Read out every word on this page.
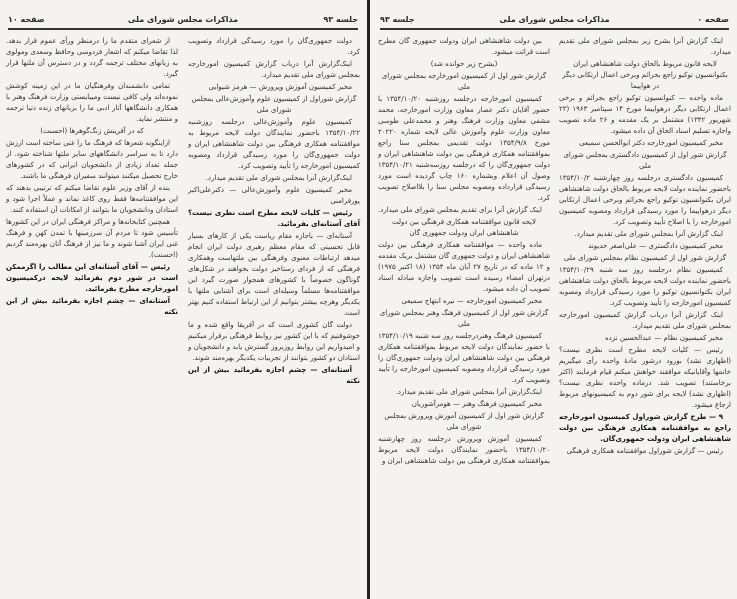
جلسه ۹۳
مذاکرات مجلس شورای ملی
صفحه ۱۰

دولت جمهوری‌گان را مورد رسیدگی قرارداد وتصویب کرد.

اینک‌گزارش آنرا درباب گزارش کمیسیون امورخارجه بمجلس شورای ملی تقدیم میدارد.

مخبر کمیسیون آموزش وپرورش — هرمز شیوایی

گزارش شوراول از کمیسیون علوم وآموزش‌عالی بمجلس شورای ملی

کمیسیون علوم وآموزش‌عالی درجلسه روزشنبه ۱۳۵۴/۱۰/۲۲ باحضور نمایندگان دولت لایحه مربوط به موافقتنامه همکاری فرهنگی بین دولت شاهنشاهی ایران و دولت جمهوری‌گان را مورد رسیدگی قرارداد ومصوبه کمیسیون امورخارجه را تأیید وتصویب کرد.

اینک‌گزارش آنرا بمجلس شورای ملی تقدیم میدارد.

مخبر کمیسیون علوم وآموزش‌عالی — دکترعلی‌اکبر پورفرامنی

رئیس — کلیات لایحه مطرح است نظری نیست؟ آقای آستانه‌ای بفرمائید.

آستانه‌ای — باجازه مقام ریاست یکی از کارهای بسیار قابل تحسینی که مقام معظم رهبری دولت ایران انجام میدهد ارتباطات معنوی وفرهنگی بین ملتهاست وهمکاری فرهنگی که از فردای رستاخیز دولت بخواهند در شکل‌های گوناگون خصوصاً با کشورهای همجوار صورت گیرد این موافقتنامه‌ها مسلماً وسیله‌ای است برای آشنایی ملتها با یکدیگر وهرچه بیشتر بتوانیم از این ارتباط استفاده کنیم بهتر است.

دولت گان کشوری است که در آفریقا واقع شده و ما خوشوقتیم که با این کشور نیز روابط فرهنگی برقرار میکنیم و امیدواریم این روابط روزبروز گسترش یابد و دانشجویان و استادان دو کشور بتوانند از تجربیات یکدیگر بهره‌مند شوند.

آستانه‌ای — چشم اجازه بفرمائید بیش از این نکته

از شعرای متقدم ما را درمنظر ورأی عموم قرار بدهد. لذا تقاضا میکنم که اشعار فردوسی وحافظ وسعدی ومولوی به زبانهای مختلف ترجمه گردد و در دسترس آن ملتها قرار گیرد.

تمامی دانشمندان وفرهنگیان ما در این زمینه کوشش نموده‌اند ولی کافی نیست ومیبایستی وزارت فرهنگ وهنر با همکاری دانشگاهها آثار ادبی ما را بزبانهای زنده دنیا ترجمه و منتشر نماید.

که در آفرینش زنگ‌گوهرها (احسنت)

ازاینگونه شعرها که فرهنگ ما را غنی ساخته است ارزش دارد تا به سراسر دانشگاههای سایر ملتها شناخته شود. از جمله تعداد زیادی از دانشجویان ایرانی که در کشورهای خارج تحصیل میکنند میتوانند سفیران فرهنگی ما باشند.

بنده از آقای وزیر علوم تقاضا میکنم که ترتیبی بدهند که این موافقتنامه‌ها فقط روی کاغذ نماند و عملاً اجرا شود و استادان ودانشجویان ما بتوانند از امکانات آن استفاده کنند.

همچنین کتابخانه‌ها و مراکز فرهنگی ایران در این کشورها تأسیس شود تا مردم آن سرزمینها با تمدن کهن و فرهنگ غنی ایران آشنا شوند و ما نیز از فرهنگ آنان بهره‌مند گردیم (احسنت).

رئیس — آقای آستانه‌ای این مطالب را اگرممکن است در شور دوم بفرمائید لایحه درکمیسیون امورخارجه مطرح بفرمائید.

آستانه‌ای — چشم اجازه بفرمائید بیش از این نکته

صفحه ۰
مذاکرات مجلس شورای ملی
جلسه ۹۳

اینک گزارش آنرا بشرح زیر بمجلس شورای ملی تقدیم میدارد.

لایحه قانون مربوط بالحاق دولت شاهنشاهی ایران بکنوانسیون توکیو راجع بجرائم وبرخی اعمال ارتکابی دیگر در هواپیما

ماده واحده — کنوانسیون توکیو راجع بجرائم و برخی اعمال ارتکابی دیگر درهواپیما مورخ ۱۴ سپتامبر ۱۹۶۳ (۲۳ شهریور ۱۳۴۲) مشتمل بر یک مقدمه و ۲۶ ماده تصویب واجازه تسلیم اسناد الحاق آن داده میشود.

مخبر کمیسیون امورخارجه دکتر ابوالحسن سمیعی

گزارش شور اول از کمیسیون دادگستری بمجلس شورای ملی

کمیسیون دادگستری درجلسه روز چهارشنبه ۱۳۵۴/۱۰/۲ باحضور نماینده دولت لایحه مربوط بالحاق دولت شاهنشاهی ایران بکنوانسیون توکیو راجع بجرائم وبرخی اعمال ارتکابی دیگر درهواپیما را مورد رسیدگی قرارداد ومصوبه کمیسیون امورخارجه را با اصلاح تأیید وتصویب کرد.

اینک گزارش آنرا بمجلس شورای ملی تقدیم میدارد.

مخبر کمیسیون دادگستری — علی‌اصغر خدیوند

گزارش شور اول از کمیسیون نظام بمجلس شورای ملی

کمیسیون نظام درجلسه روز سه شنبه ۱۳۵۴/۱۰/۲۹ باحضور نماینده دولت لایحه مربوط بالحاق دولت شاهنشاهی ایران بکنوانسیون توکیو را مورد رسیدگی قرارداد ومصوبه کمیسیون امورخارجه را تأیید وتصویب کرد.

اینک گزارش آنرا درباب گزارش کمیسیون امورخارجه بمجلس شورای ملی تقدیم میدارد.

مخبر کمیسیون نظام — عبدالحسین نزده

رئیس — کلیات لایحه مطرح است نظری نیست؟ (اظهاری نشد) بورود درشور مادهٔ واحده رأی میگیریم خانمها وآقایانیکه موافقند خواهش میکنم قیام فرمایند (اکثر برخاستند) تصویب شد. درماده واحده نظری نیست؟ (اظهاری نشد) لایحه برای شور دوم به کمیسیونهای مربوط ارجاع میشود.

۹ — طرح گزارش شوراول کمیسیون امورخارجه راجع به موافقتنامه همکاری فرهنگی بین دولت شاهنشاهی ایران ودولت جمهوری‌گان.

رئیس — گزارش شوراول موافقتنامه همکاری فرهنگی

بین دولت شاهنشاهی ایران ودولت جمهوری گان مطرح است قرائت میشود.

(بشرح زیر خوانده شد)

گزارش شور اول از کمیسیون امورخارجه بمجلس شورای ملی

کمیسیون امورخارجه درجلسه روزشنبه ۱۳۵۴/۱۰/۲۰ با حضور آقایان دکتر عصار معاون وزارت امورخارجه، محمد مشفی معاون وزارت فرهنگ وهنر و محمدعلی طوسی معاون وزارت علوم وآموزش عالی لایحه شماره ۲۰۲۲۰ مورخ ۱۳۵۴/۹/۸ دولت تقدیمی بمجلس سنا راجع بموافقتنامه همکاری فرهنگی بین دولت شاهنشاهی ایران و دولت جمهوری‌گان را که درجلسه روزسه‌شنبه ۱۳۵۴/۱۰/۲۱ وصول آن اعلام وبشماره ۱۶۰ چاپ گردیده است مورد رسیدگی قرارداده ومصوبه مجلس سنا را بلااصلاح تصویب کرد.

اینک گزارش آنرا برای تقدیم بمجلس شورای ملی میدارد.

لایحه قانون موافقتنامه همکاری فرهنگی بین دولت شاهنشاهی ایران ودولت جمهوری گان

ماده واحده — موافقتنامه همکاری فرهنگی بین دولت شاهنشاهی ایران و دولت جمهوری گان مشتمل بریک مقدمه و ۱۲ ماده که در تاریخ ۲۷ آبان ماه ۱۳۵۴ (۱۸ اکتبر ۱۹۷۵) درتهران امضاء رسیده است تصویب واجازه مبادله اسناد تصویب آن داده میشود.

مخبر کمیسیون امورخارجه — نیره ابتهاج سمیعی

گزارش شور اول از کمیسیون فرهنگ وهنر بمجلس شورای ملی

کمیسیون فرهنگ وهنردرجلسه روز سه شنبه ۱۳۵۴/۱۰/۱۹ با حضور نمایندگان دولت لایحه مربوط بموافقتنامه همکاری فرهنگی بین دولت شاهنشاهی ایران ودولت جمهوری‌گان را مورد رسیدگی قرارداد ومصوبه کمیسیون امورخارجه را تأیید وتصویب کرد.

اینک‌گزارش آنرا بمجلس شورای ملی تقدیم میدارد.

مخبر کمیسیون فرهنگ وهنر — هومرآشوریان

گزارش شور اول از کمیسیون آموزش وپرورش بمجلس شورای ملی

کمیسیون آموزش وپرورش درجلسه روز چهارشنبه ۱۳۵۴/۱۰/۲۰ باحضور نمایندگان دولت لایحه مربوط بموافقتنامه همکاری فرهنگی بین دولت شاهنشاهی ایران و
